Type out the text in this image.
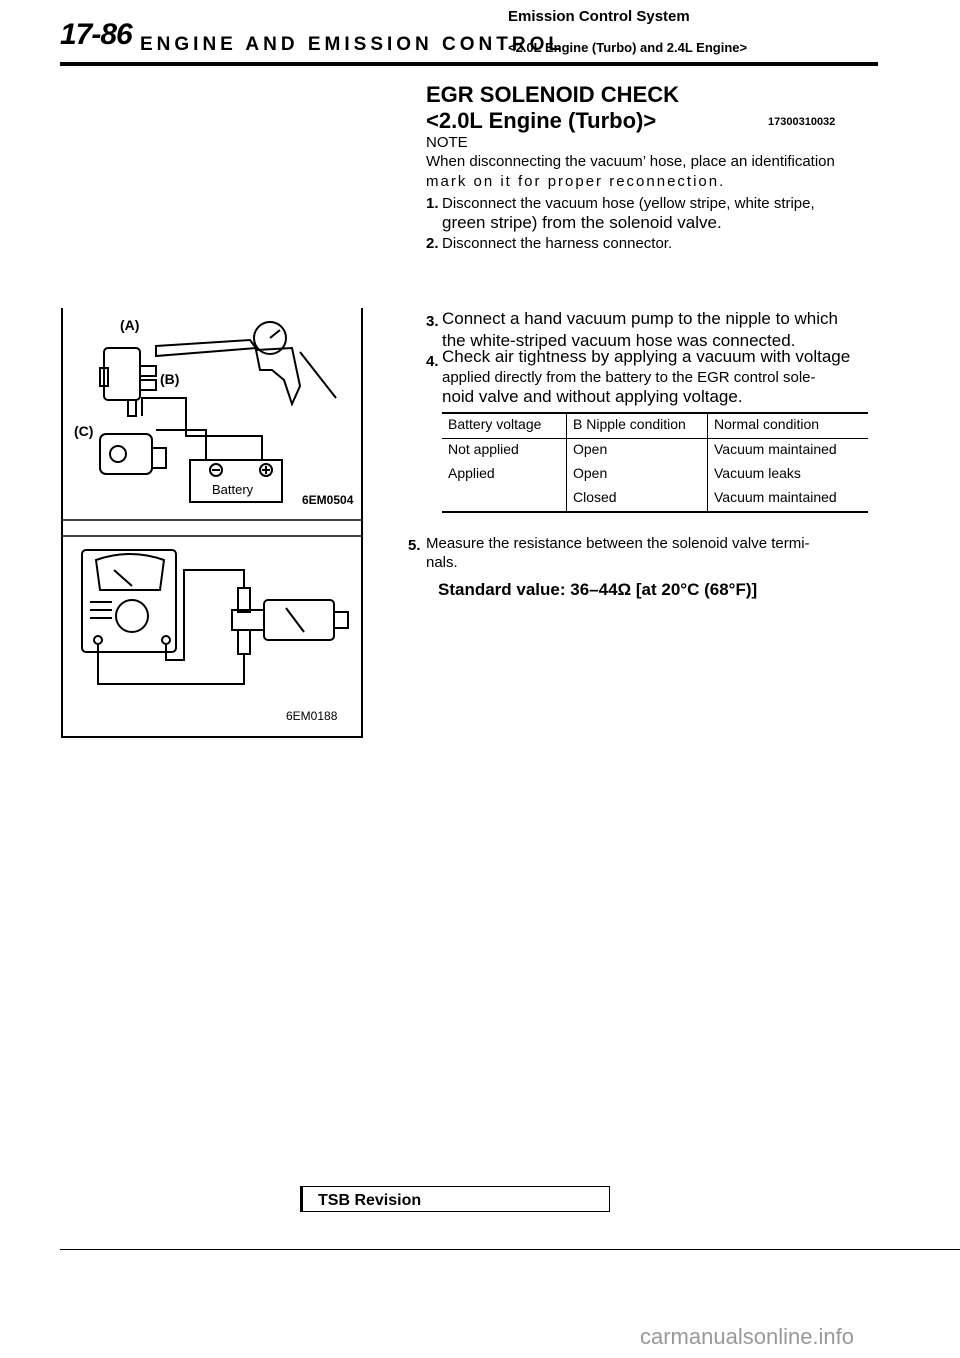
17-86 ENGINE AND EMISSION CONTROL
Emission Control System
<2.0L Engine (Turbo) and 2.4L Engine>
EGR SOLENOID CHECK
<2.0L Engine (Turbo)>	17300310032
NOTE
When disconnecting the vacuum’ hose, place an identification
mark on it for proper reconnection.
1. Disconnect the vacuum hose (yellow stripe, white stripe,
green stripe) from the solenoid valve.
2. Disconnect the harness connector.
3. Connect a hand vacuum pump to the nipple to which
the white-striped vacuum hose was connected.
4. Check air tightness by applying a vacuum with voltage
applied directly from the battery to the EGR control sole-
noid valve and without applying voltage.
Battery voltage	B Nipple condition	Normal condition
Not applied	Open	Vacuum maintained
Applied	Open	Vacuum leaks
	Closed	Vacuum maintained
5. Measure the resistance between the solenoid valve termi-
nals.
Standard value: 36–44Ω [at 20°C (68°F)]
(A)
(B)
(C)
Battery
6EM0504
6EM0188
TSB Revision
carmanualsonline.info
